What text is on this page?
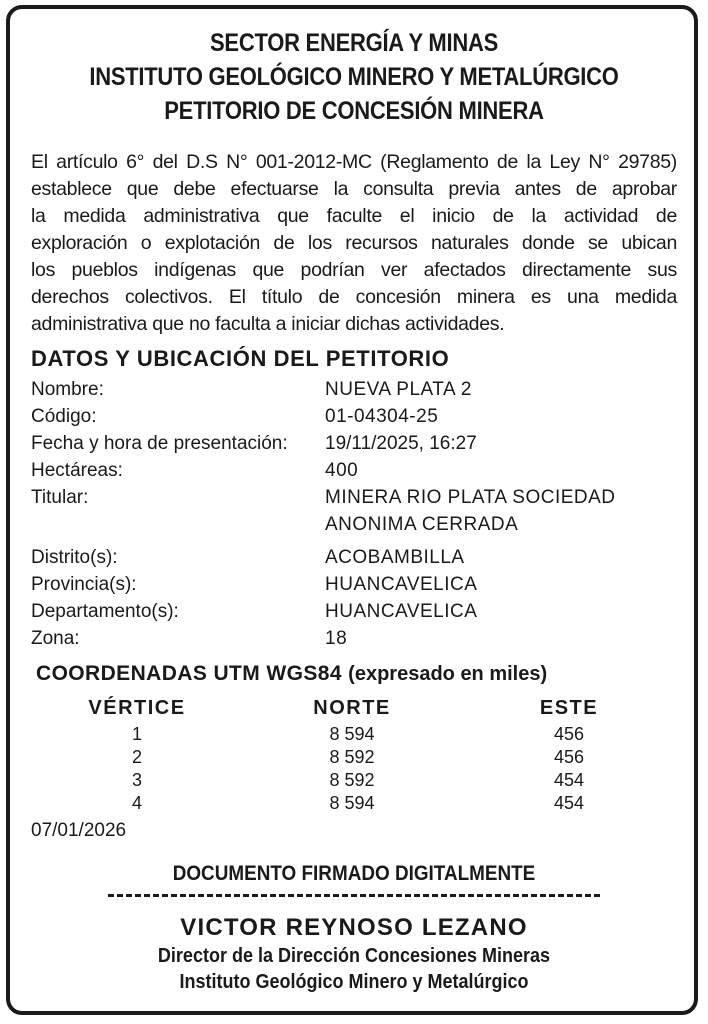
SECTOR ENERGÍA Y MINAS
INSTITUTO GEOLÓGICO MINERO Y METALÚRGICO
PETITORIO DE CONCESIÓN MINERA
El artículo 6° del D.S N° 001-2012-MC (Reglamento de la Ley N° 29785)
establece que debe efectuarse la consulta previa antes de aprobar
la medida administrativa que faculte el inicio de la actividad de
exploración o explotación de los recursos naturales donde se ubican
los pueblos indígenas que podrían ver afectados directamente sus
derechos colectivos. El título de concesión minera es una medida
administrativa que no faculta a iniciar dichas actividades.
DATOS Y UBICACIÓN DEL PETITORIO
Nombre:	NUEVA PLATA 2
Código:	01-04304-25
Fecha y hora de presentación: 19/11/2025, 16:27
Hectáreas:	400
Titular:	MINERA RIO PLATA SOCIEDAD
ANONIMA CERRADA
Distrito(s):	ACOBAMBILLA
Provincia(s):	HUANCAVELICA
Departamento(s):	HUANCAVELICA
Zona:	18
COORDENADAS UTM WGS84 (expresado en miles)
VÉRTICE	NORTE	ESTE
1	8 594	456
2	8 592	456
3	8 592	454
4	8 594	454
07/01/2026
DOCUMENTO FIRMADO DIGITALMENTE
VICTOR REYNOSO LEZANO
Director de la Dirección Concesiones Mineras
Instituto Geológico Minero y Metalúrgico
